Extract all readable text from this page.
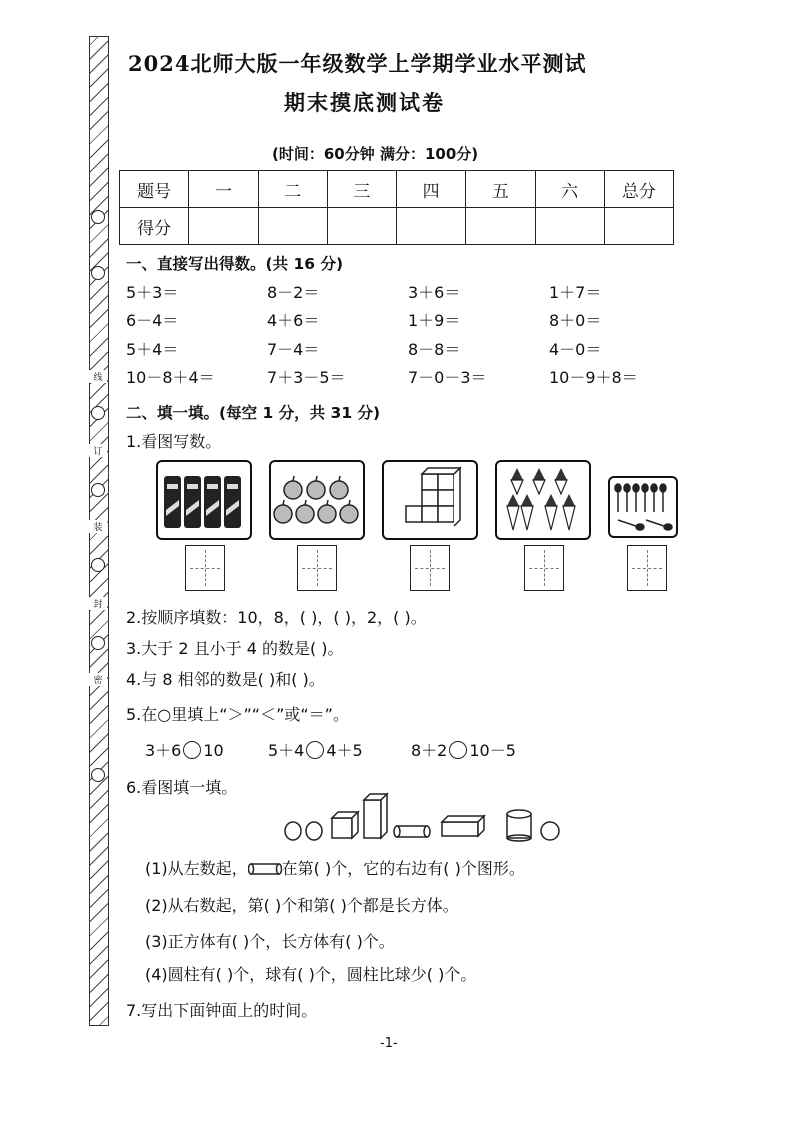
线
订
装
封
密
2024北师大版一年级数学上学期学业水平测试
期末摸底测试卷
(时间：60分钟 满分：100分)
题号	一	二	三	四	五	六	总分
得分							
一、直接写出得数。(共 16 分)
5＋3＝	8－2＝	3＋6＝	1＋7＝
6－4＝	4＋6＝	1＋9＝	8＋0＝
5＋4＝	7－4＝	8－8＝	4－0＝
10－8＋4＝	7＋3－5＝	7－0－3＝	10－9＋8＝
二、填一填。(每空 1 分，共 31 分)
1.看图写数。
2.按顺序填数：10，8，( )，( )，2，( )。
3.大于 2 且小于 4 的数是( )。
4.与 8 相邻的数是( )和( )。
5.在○里填上“＞”“＜”或“＝”。
3＋6 10	5＋4 4＋5	8＋2 10－5
6.看图填一填。
(1)从左数起， 在第( )个，它的右边有( )个图形。
(2)从右数起，第( )个和第( )个都是长方体。
(3)正方体有( )个，长方体有( )个。
(4)圆柱有( )个，球有( )个，圆柱比球少( )个。
7.写出下面钟面上的时间。
-1-
